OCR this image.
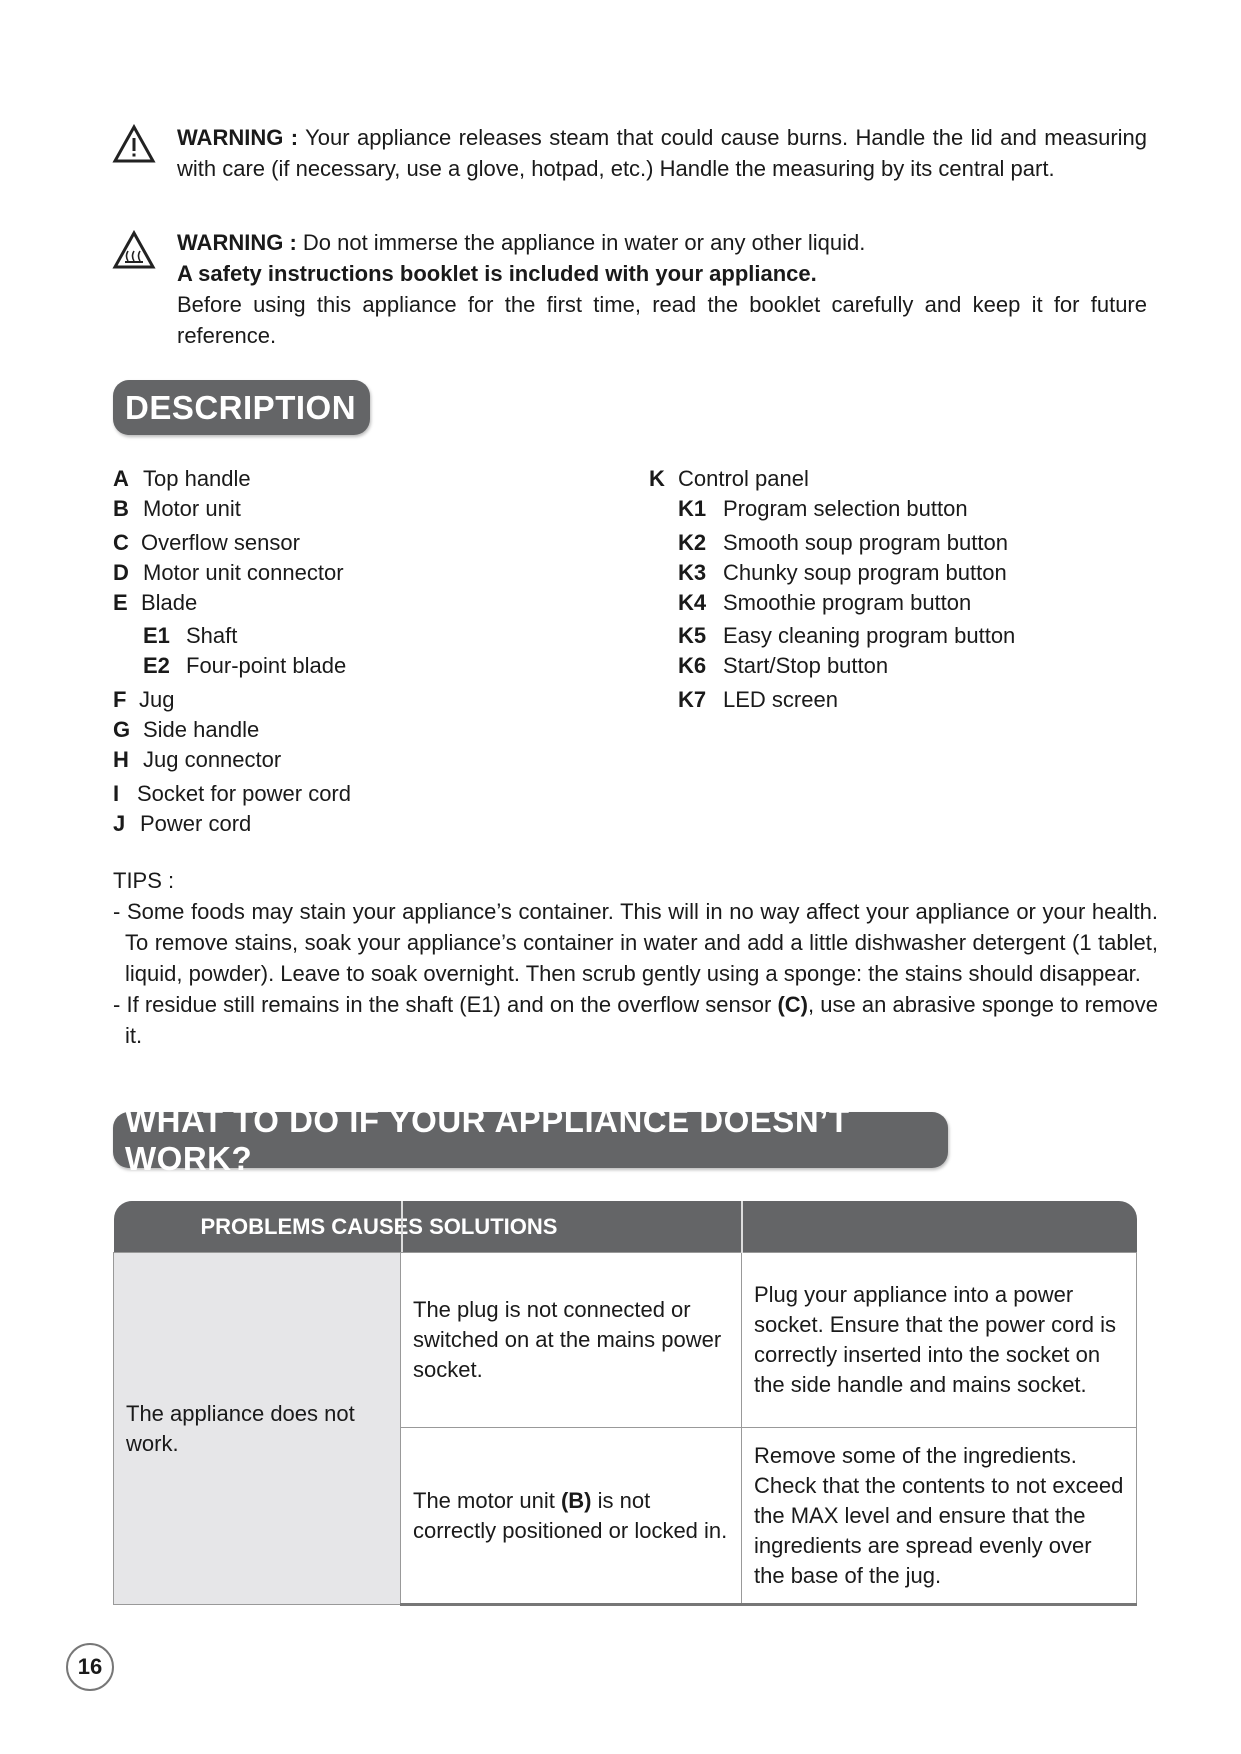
WARNING : Your appliance releases steam that could cause burns. Handle the lid and measuring with care (if necessary, use a glove, hotpad, etc.) Handle the measuring by its central part.

WARNING : Do not immerse the appliance in water or any other liquid.

A safety instructions booklet is included with your appliance.

Before using this appliance for the first time, read the booklet carefully and keep it for future reference.

DESCRIPTION
A Top handle
B Motor unit
C Overflow sensor
D Motor unit connector
E Blade
E1 Shaft
E2 Four-point blade
F Jug
G Side handle
H Jug connector
I Socket for power cord
J Power cord
K Control panel
K1 Program selection button
K2 Smooth soup program button
K3 Chunky soup program button
K4 Smoothie program button
K5 Easy cleaning program button
K6 Start/Stop button
K7 LED screen

TIPS :

- Some foods may stain your appliance’s container. This will in no way affect your appliance or your health. To remove stains, soak your appliance’s container in water and add a little dishwasher detergent (1 tablet, liquid, powder). Leave to soak overnight. Then scrub gently using a sponge: the stains should disappear.

- If residue still remains in the shaft (E1) and on the overflow sensor (C), use an abrasive sponge to remove it.

WHAT TO DO IF YOUR APPLIANCE DOESN’T WORK?
PROBLEMS CAUSES SOLUTIONS	

The appliance does not work.	The plug is not connected or switched on at the mains power socket.	Plug your appliance into a power socket. Ensure that the power cord is correctly inserted into the socket on the side handle and mains socket.
	The motor unit (B) is not correctly positioned or locked in.	Remove some of the ingredients. Check that the contents to not exceed the MAX level and ensure that the ingredients are spread evenly over the base of the jug.
16
